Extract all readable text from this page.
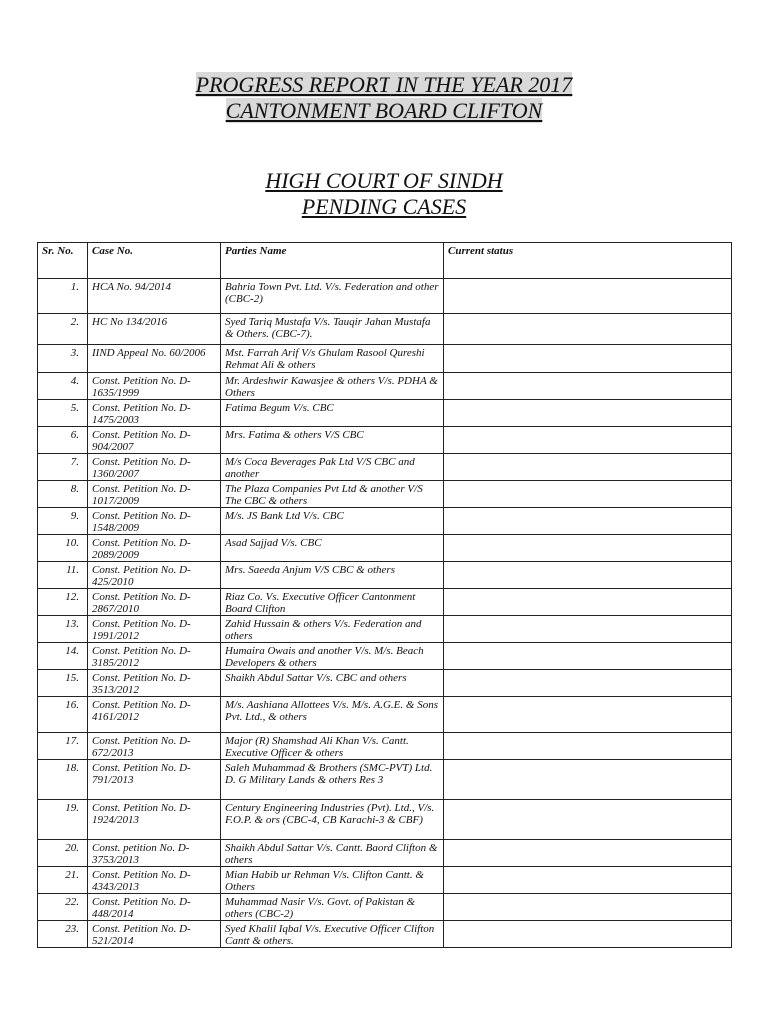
PROGRESS REPORT IN THE YEAR 2017
CANTONMENT BOARD CLIFTON
HIGH COURT OF SINDH
PENDING CASES
Sr. No.	Case No.	Parties Name	Current status
1.	HCA No. 94/2014	Bahria Town Pvt. Ltd. V/s. Federation and other (CBC-2)	
2.	HC No 134/2016	Syed Tariq Mustafa V/s. Tauqir Jahan Mustafa & Others. (CBC-7).	
3.	IIND Appeal No. 60/2006	Mst. Farrah Arif V/s Ghulam Rasool Qureshi Rehmat Ali & others	
4.	Const. Petition No. D-1635/1999	Mr. Ardeshwir Kawasjee & others V/s. PDHA & Others	
5.	Const. Petition No. D-1475/2003	Fatima Begum V/s. CBC	
6.	Const. Petition No. D-904/2007	Mrs. Fatima & others V/S CBC	
7.	Const. Petition No. D-1360/2007	M/s Coca Beverages Pak Ltd V/S CBC and another	
8.	Const. Petition No. D-1017/2009	The Plaza Companies Pvt Ltd & another V/S The CBC & others	
9.	Const. Petition No. D-1548/2009	M/s. JS Bank Ltd V/s. CBC	
10.	Const. Petition No. D-2089/2009	Asad Sajjad V/s. CBC	
11.	Const. Petition No. D-425/2010	Mrs. Saeeda Anjum V/S CBC & others	
12.	Const. Petition No. D-2867/2010	Riaz Co. Vs. Executive Officer Cantonment Board Clifton	
13.	Const. Petition No. D-1991/2012	Zahid Hussain & others V/s. Federation and others	
14.	Const. Petition No. D-3185/2012	Humaira Owais and another V/s. M/s. Beach Developers & others	
15.	Const. Petition No. D-3513/2012	Shaikh Abdul Sattar V/s. CBC and others	
16.	Const. Petition No. D-4161/2012	M/s. Aashiana Allottees V/s. M/s. A.G.E. & Sons Pvt. Ltd., & others	
17.	Const. Petition No. D-672/2013	Major (R) Shamshad Ali Khan V/s. Cantt. Executive Officer & others	
18.	Const. Petition No. D-791/2013	Saleh Muhammad & Brothers (SMC-PVT) Ltd. D. G Military Lands & others Res 3	
19.	Const. Petition No. D-1924/2013	Century Engineering Industries (Pvt). Ltd., V/s. F.O.P. & ors (CBC-4, CB Karachi-3 & CBF)	
20.	Const. petition No. D-3753/2013	Shaikh Abdul Sattar V/s. Cantt. Baord Clifton & others	
21.	Const. Petition No. D-4343/2013	Mian Habib ur Rehman V/s. Clifton Cantt. & Others	
22.	Const. Petition No. D-448/2014	Muhammad Nasir V/s. Govt. of Pakistan & others (CBC-2)	
23.	Const. Petition No. D-521/2014	Syed Khalil Iqbal V/s. Executive Officer Clifton Cantt & others.	
